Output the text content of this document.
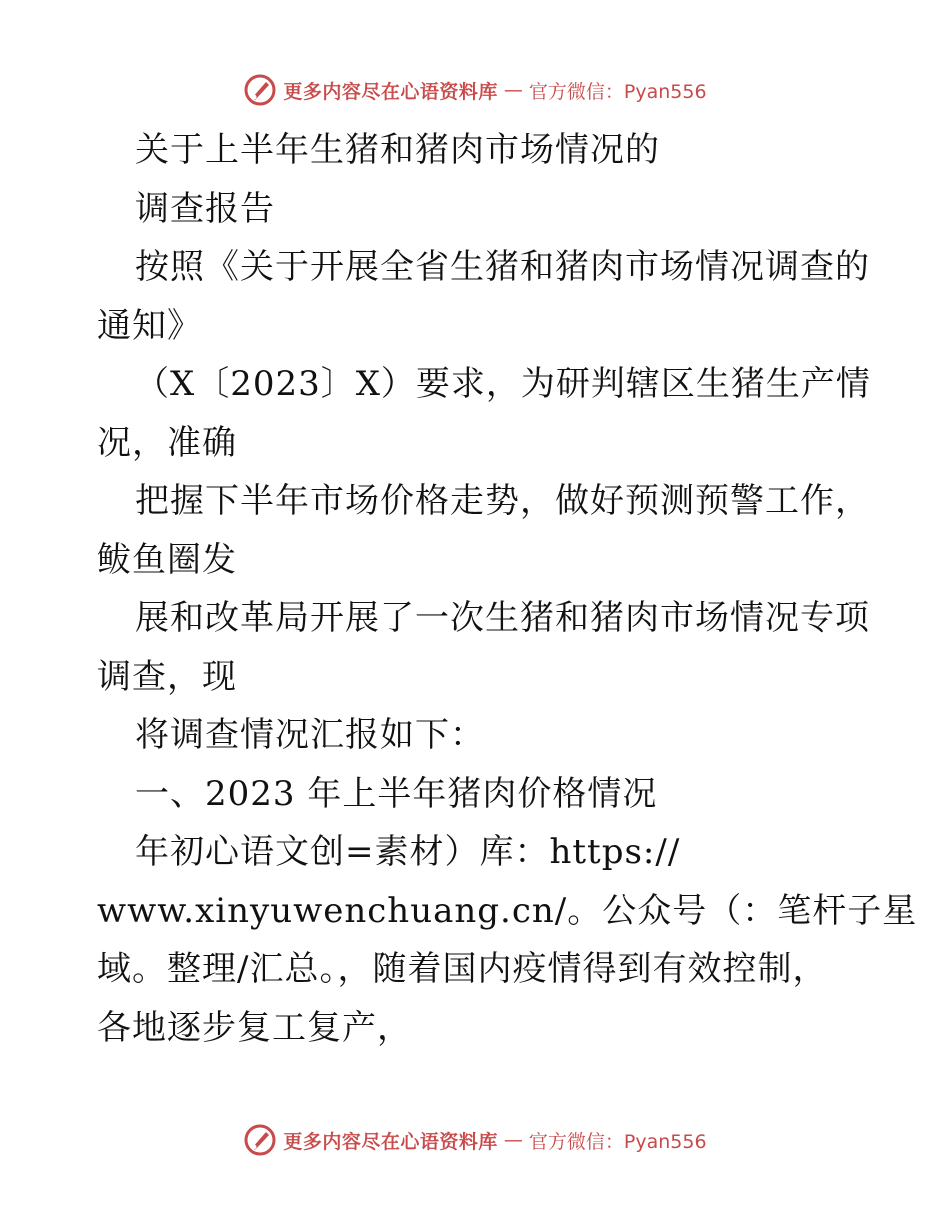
更多内容尽在心语资料库 — 官方微信：Pyan556
关于上半年生猪和猪肉市场情况的
调查报告
按照《关于开展全省生猪和猪肉市场情况调查的
通知》
（X〔2023〕X）要求，为研判辖区生猪生产情
况，准确
把握下半年市场价格走势，做好预测预警工作，
鲅鱼圈发
展和改革局开展了一次生猪和猪肉市场情况专项
调查，现
将调查情况汇报如下：
一、2023 年上半年猪肉价格情况
年初心语文创=素材）库：https://
www.xinyuwenchuang.cn/。公众号（：笔杆子星
域。整理/汇总。，随着国内疫情得到有效控制，
各地逐步复工复产，
更多内容尽在心语资料库 — 官方微信：Pyan556
